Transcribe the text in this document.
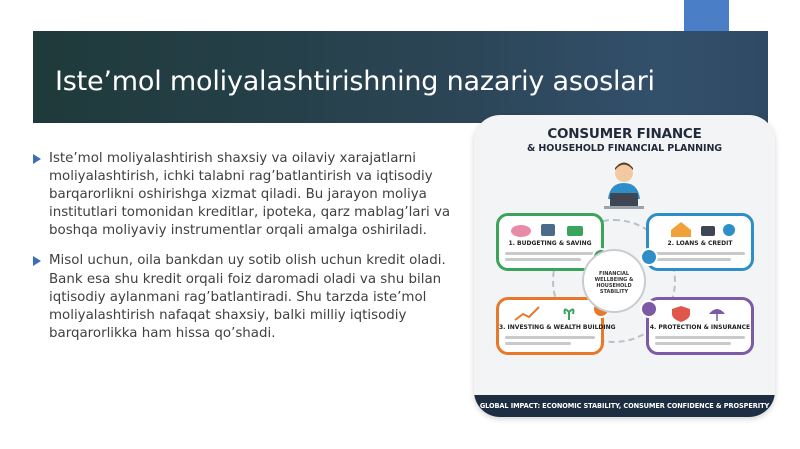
Iste’mol moliyalashtirishning nazariy asoslari
Iste’mol moliyalashtirish shaxsiy va oilaviy xarajatlarni moliyalashtirish, ichki talabni rag’batlantirish va iqtisodiy barqarorlikni oshirishga xizmat qiladi. Bu jarayon moliya institutlari tomonidan kreditlar, ipoteka, qarz mablag’lari va boshqa moliyaviy instrumentlar orqali amalga oshiriladi.
Misol uchun, oila bankdan uy sotib olish uchun kredit oladi. Bank esa shu kredit orqali foiz daromadi oladi va shu bilan iqtisodiy aylanmani rag’batlantiradi. Shu tarzda iste’mol moliyalashtirish nafaqat shaxsiy, balki milliy iqtisodiy barqarorlikka ham hissa qo’shadi.
CONSUMER FINANCE
& HOUSEHOLD FINANCIAL PLANNING
1. BUDGETING & SAVING	2. LOANS & CREDIT
3. INVESTING & WEALTH BUILDING	4. PROTECTION & INSURANCE
FINANCIAL WELLBEING & HOUSEHOLD STABILITY
GLOBAL IMPACT: ECONOMIC STABILITY, CONSUMER CONFIDENCE & PROSPERITY
